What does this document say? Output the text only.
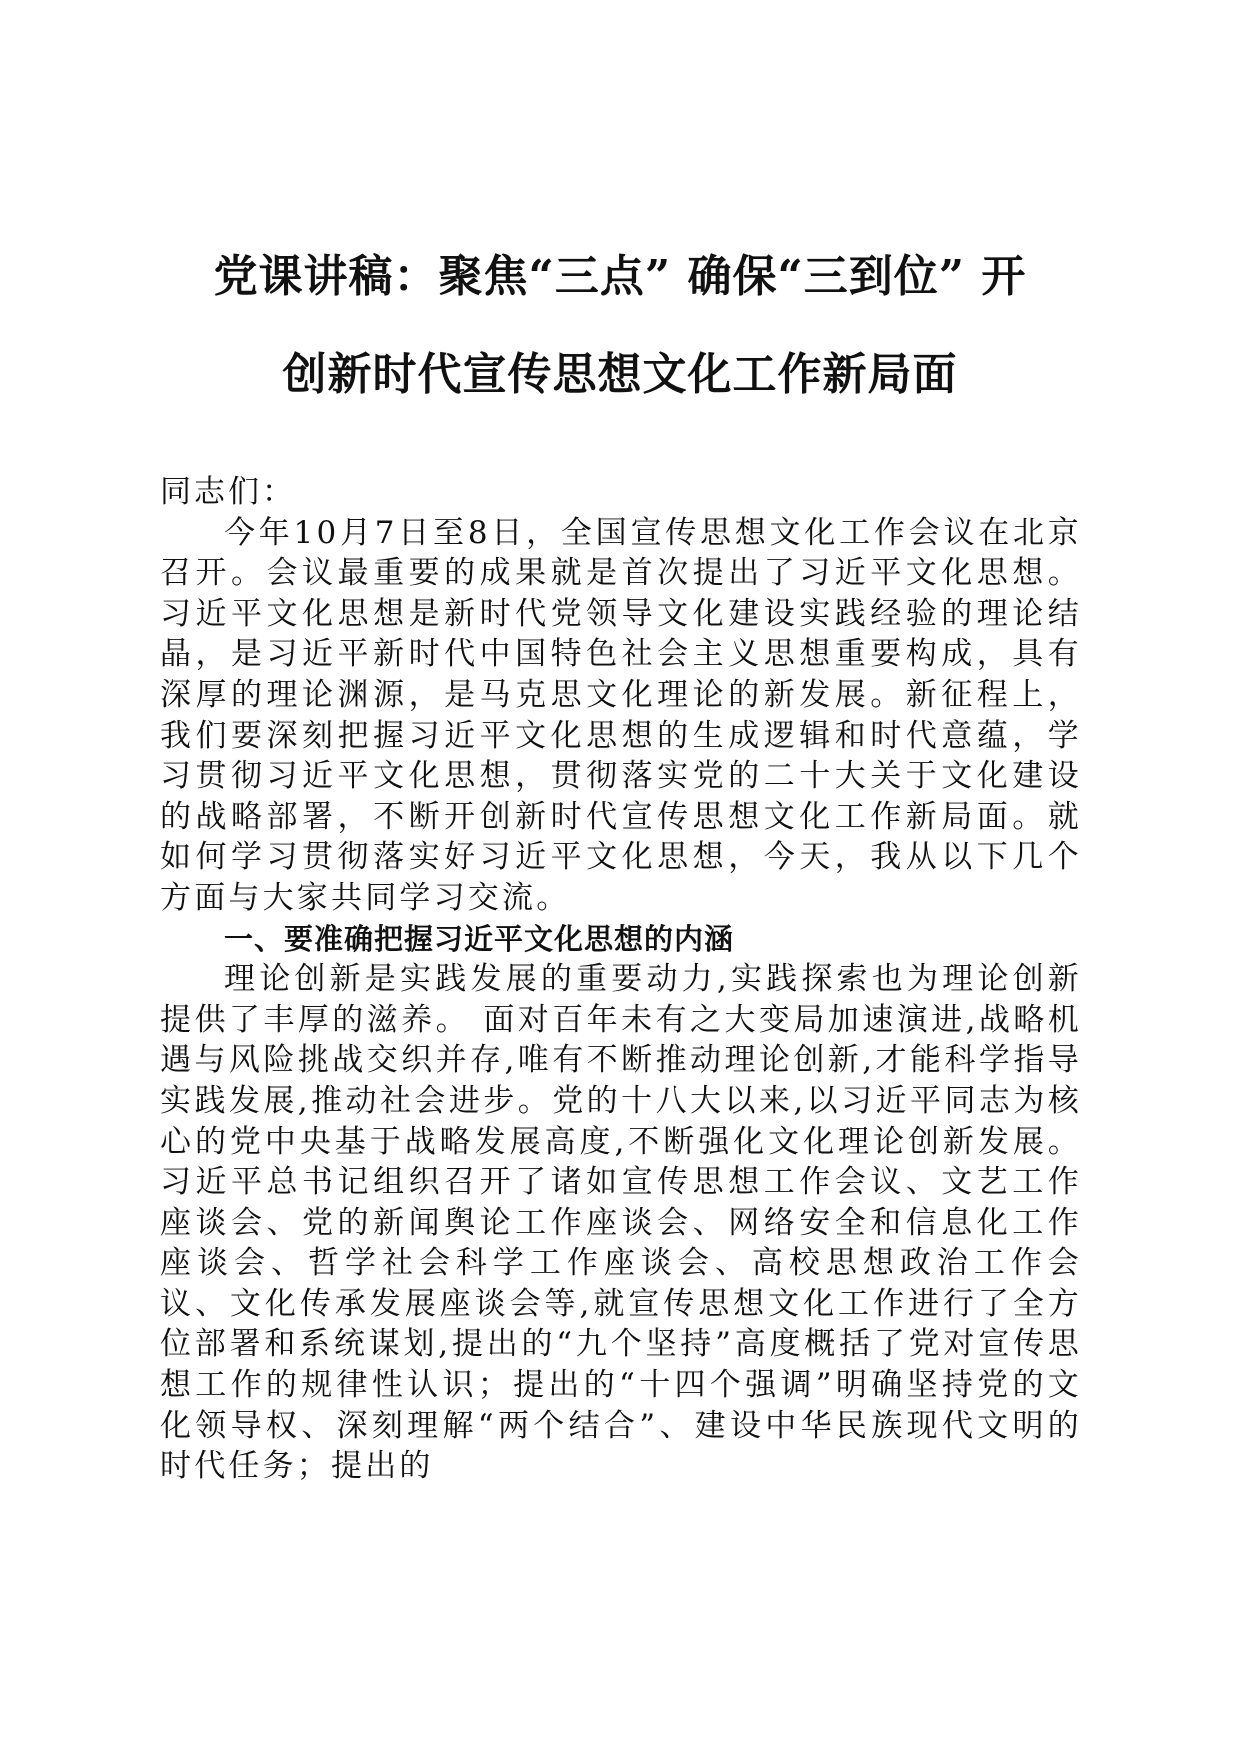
党课讲稿：聚焦“三点” 确保“三到位” 开
创新时代宣传思想文化工作新局面

同志们：

今年10月7日至8日，全国宣传思想文化工作会议在北京召开。会议最重要的成果就是首次提出了习近平文化思想。习近平文化思想是新时代党领导文化建设实践经验的理论结晶，是习近平新时代中国特色社会主义思想重要构成，具有深厚的理论渊源，是马克思文化理论的新发展。新征程上，我们要深刻把握习近平文化思想的生成逻辑和时代意蕴，学习贯彻习近平文化思想，贯彻落实党的二十大关于文化建设的战略部署，不断开创新时代宣传思想文化工作新局面。就如何学习贯彻落实好习近平文化思想，今天，我从以下几个方面与大家共同学习交流。

一、要准确把握习近平文化思想的内涵

理论创新是实践发展的重要动力,实践探索也为理论创新提供了丰厚的滋养。 面对百年未有之大变局加速演进,战略机遇与风险挑战交织并存,唯有不断推动理论创新,才能科学指导实践发展,推动社会进步。党的十八大以来,以习近平同志为核心的党中央基于战略发展高度,不断强化文化理论创新发展。 习近平总书记组织召开了诸如宣传思想工作会议、文艺工作座谈会、党的新闻舆论工作座谈会、网络安全和信息化工作座谈会、哲学社会科学工作座谈会、高校思想政治工作会议、文化传承发展座谈会等,就宣传思想文化工作进行了全方位部署和系统谋划,提出的“九个坚持”高度概括了党对宣传思想工作的规律性认识；提出的“十四个强调”明确坚持党的文化领导权、深刻理解“两个结合”、建设中华民族现代文明的时代任务；提出的
